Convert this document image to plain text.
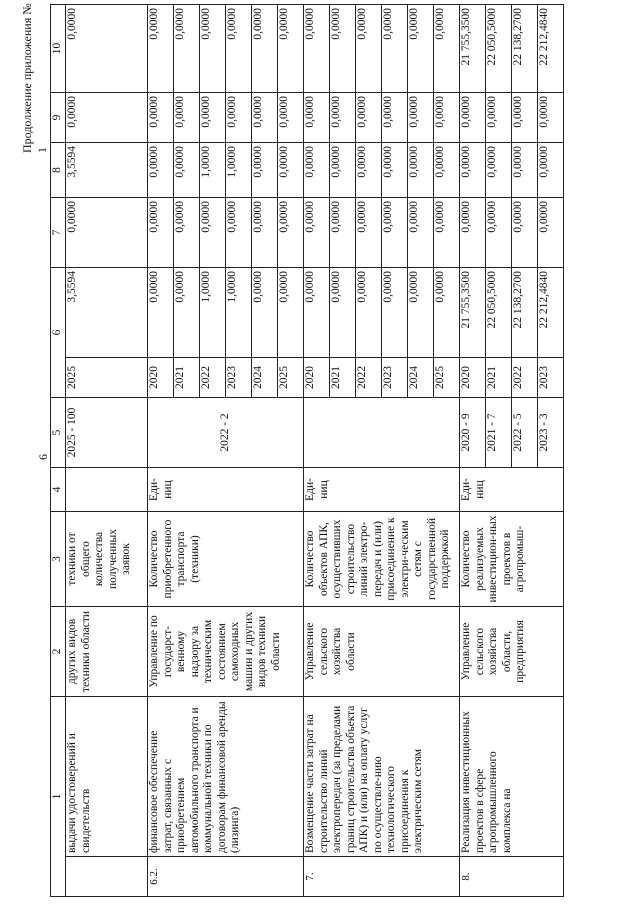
Продолжение приложения № 1
6
1		2	3	4	5	6		7	8	9	10
	выдачи удостоверений и свидетельств	других видов техники области	техники от общего количества полученных заявок		2025 - 100	2025	3,5594	0,0000	3,5594	0,0000	0,0000
6.2.	финансовое обеспечение затрат, связанных с приобретением автомобильного транспорта и коммунальной техники по договорам финансовой аренды (лизинга)	Управление по государст-венному надзору за техническим состоянием самоходных машин и других видов техники области	Количество приобретенного транспорта (техники)	Еди-ниц	2022 - 2	2020	0,0000	0,0000	0,0000	0,0000	0,0000
						2021	0,0000	0,0000	0,0000	0,0000	0,0000
						2022	1,0000	0,0000	1,0000	0,0000	0,0000
						2023	1,0000	0,0000	1,0000	0,0000	0,0000
						2024	0,0000	0,0000	0,0000	0,0000	0,0000
						2025	0,0000	0,0000	0,0000	0,0000	0,0000
7.	Возмещение части затрат на строительство линий электропередач (за пределами границ строительства объекта АПК) и (или) на оплату услуг по осуществле-нию технологического присоединения к электрическим сетям	Управление сельского хозяйства области	Количество объектов АПК, осуществивших строительство линий электро-передач и (или) присоединение к электри-ческим сетям с государственной поддержкой	Еди-ниц		2020	0,0000	0,0000	0,0000	0,0000	0,0000
						2021	0,0000	0,0000	0,0000	0,0000	0,0000
						2022	0,0000	0,0000	0,0000	0,0000	0,0000
						2023	0,0000	0,0000	0,0000	0,0000	0,0000
						2024	0,0000	0,0000	0,0000	0,0000	0,0000
						2025	0,0000	0,0000	0,0000	0,0000	0,0000
8.	Реализация инвестиционных проектов в сфере агропромышленного комплекса на	Управление сельского хозяйства области, предприятия	Количество реализуемых инвестицион-ных проектов в агропромыш-	Еди-ниц	2020 - 9	2020	21 755,3500	0,0000	0,0000	0,0000	21 755,3500
					2021 - 7	2021	22 050,5000	0,0000	0,0000	0,0000	22 050,5000
					2022 - 5	2022	22 138,2700	0,0000	0,0000	0,0000	22 138,2700
					2023 - 3	2023	22 212,4840	0,0000	0,0000	0,0000	22 212,4840
